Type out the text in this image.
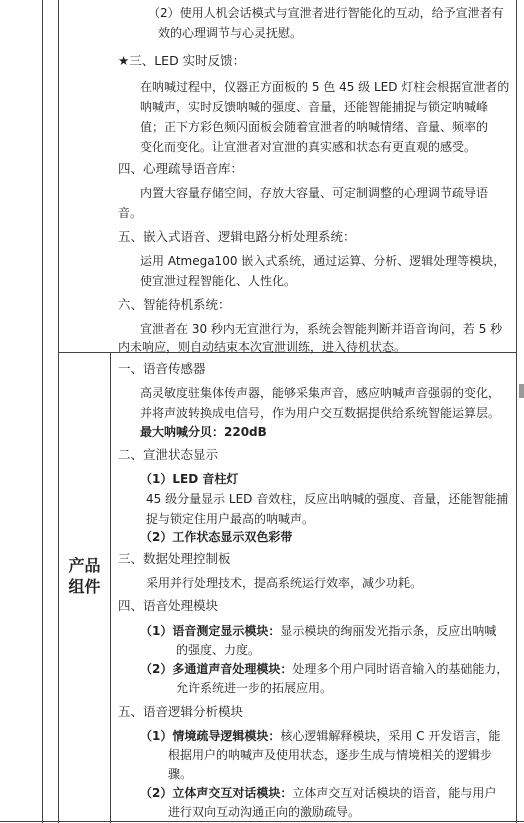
（2）使用人机会话模式与宣泄者进行智能化的互动，给予宣泄者有
效的心理调节与心灵抚慰。
★三、LED 实时反馈：
在呐喊过程中，仪器正方面板的 5 色 45 级 LED 灯柱会根据宣泄者的
呐喊声，实时反馈呐喊的强度、音量，还能智能捕捉与锁定呐喊峰
值；正下方彩色频闪面板会随着宣泄者的呐喊情绪、音量、频率的
变化而变化。让宣泄者对宣泄的真实感和状态有更直观的感受。
四、心理疏导语音库：
内置大容量存储空间，存放大容量、可定制调整的心理调节疏导语
音。
五、嵌入式语音、逻辑电路分析处理系统：
运用 Atmega100 嵌入式系统，通过运算、分析、逻辑处理等模块，
使宣泄过程智能化、人性化。
六、智能待机系统：
宣泄者在 30 秒内无宣泄行为，系统会智能判断并语音询问，若 5 秒
内未响应，则自动结束本次宣泄训练，进入待机状态。
产品
组件
一、语音传感器
高灵敏度驻集体传声器，能够采集声音，感应呐喊声音强弱的变化，
并将声波转换成电信号，作为用户交互数据提供给系统智能运算层。
最大呐喊分贝：220dB
二、宣泄状态显示
（1）LED 音柱灯
45 级分量显示 LED 音效柱，反应出呐喊的强度、音量，还能智能捕
捉与锁定住用户最高的呐喊声。
（2）工作状态显示双色彩带
三、数据处理控制板
采用并行处理技术，提高系统运行效率，减少功耗。
四、语音处理模块
（1）语音测定显示模块：显示模块的绚丽发光指示条，反应出呐喊
的强度、力度。
（2）多通道声音处理模块：处理多个用户同时语音输入的基础能力，
允许系统进一步的拓展应用。
五、语音逻辑分析模块
（1）情境疏导逻辑模块：核心逻辑解释模块，采用 C 开发语言，能
根据用户的呐喊声及使用状态，逐步生成与情境相关的逻辑步
骤。
（2）立体声交互对话模块：立体声交互对话模块的语音，能与用户
进行双向互动沟通正向的激励疏导。
